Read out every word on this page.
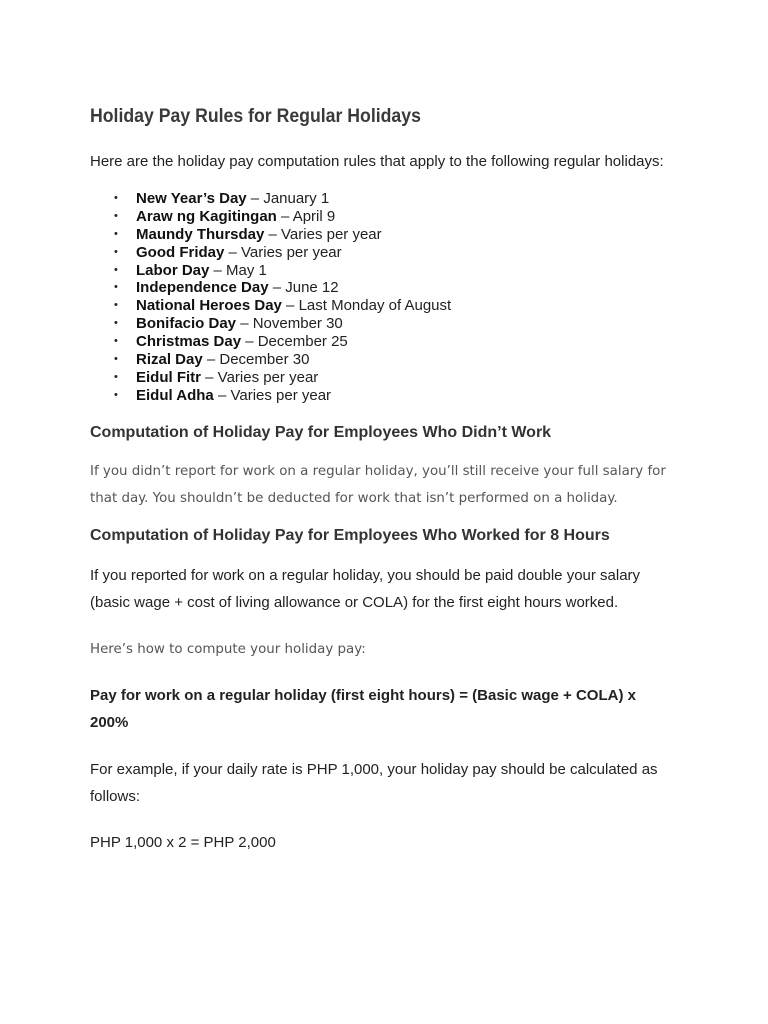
Holiday Pay Rules for Regular Holidays

Here are the holiday pay computation rules that apply to the following regular holidays:

• New Year’s Day – January 1
• Araw ng Kagitingan – April 9
• Maundy Thursday – Varies per year
• Good Friday – Varies per year
• Labor Day – May 1
• Independence Day – June 12
• National Heroes Day – Last Monday of August
• Bonifacio Day – November 30
• Christmas Day – December 25
• Rizal Day – December 30
• Eidul Fitr – Varies per year
• Eidul Adha – Varies per year
Computation of Holiday Pay for Employees Who Didn’t Work

If you didn’t report for work on a regular holiday, you’ll still receive your full salary for that day. You shouldn’t be deducted for work that isn’t performed on a holiday.

Computation of Holiday Pay for Employees Who Worked for 8 Hours

If you reported for work on a regular holiday, you should be paid double your salary (basic wage + cost of living allowance or COLA) for the first eight hours worked.

Here’s how to compute your holiday pay:

Pay for work on a regular holiday (first eight hours) = (Basic wage + COLA) x 200%

For example, if your daily rate is PHP 1,000, your holiday pay should be calculated as follows:

PHP 1,000 x 2 = PHP 2,000
